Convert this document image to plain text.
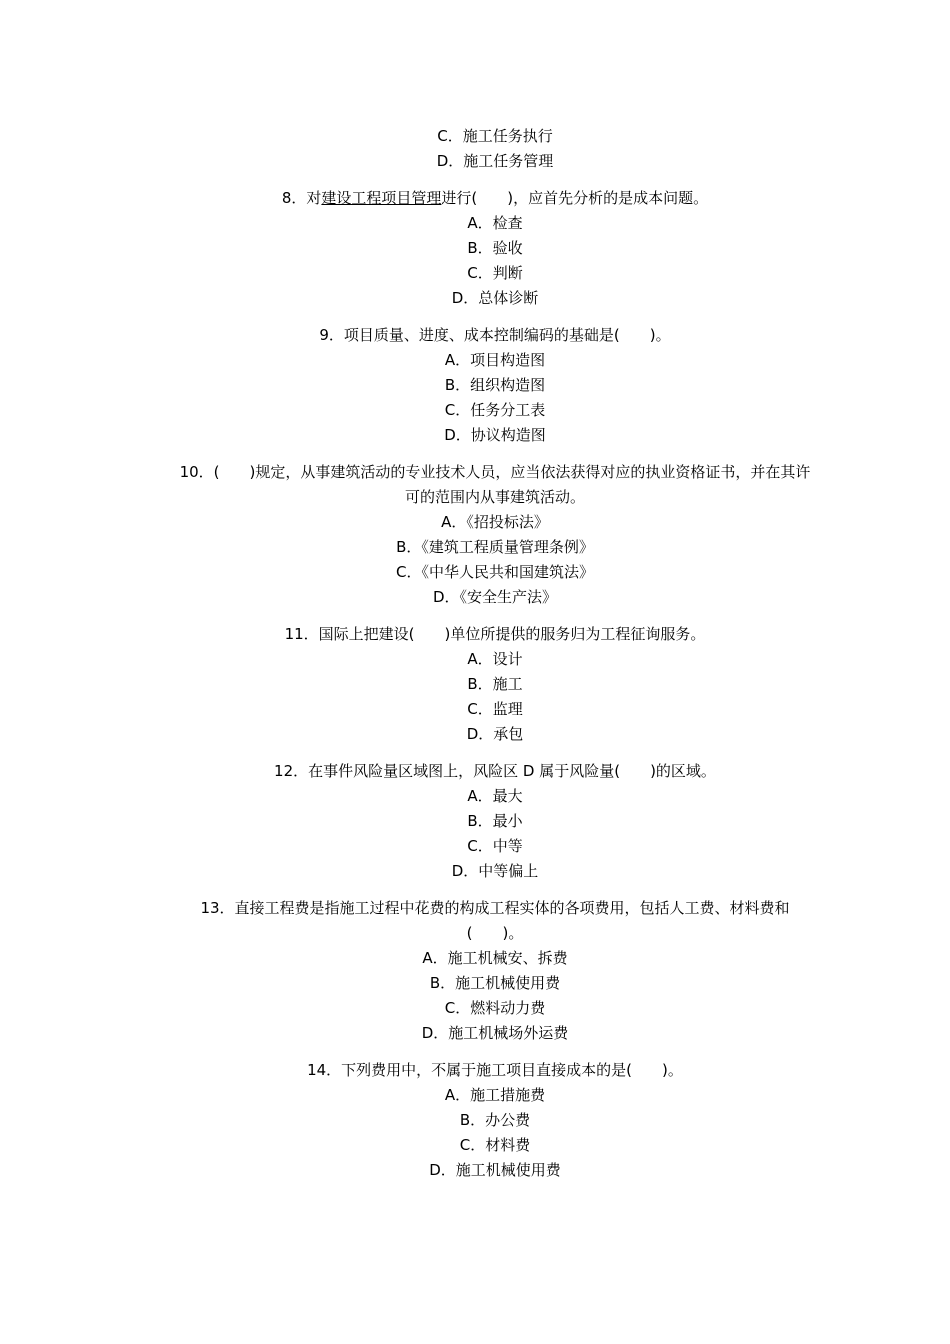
C．施工任务执行
D．施工任务管理
8．对建设工程项目管理进行(　　)，应首先分析的是成本问题。
A．检查
B．验收
C．判断
D．总体诊断
9．项目质量、进度、成本控制编码的基础是(　　)。
A．项目构造图
B．组织构造图
C．任务分工表
D．协议构造图
10．(　　)规定，从事建筑活动的专业技术人员，应当依法获得对应的执业资格证书，并在其许可的范围内从事建筑活动。
A．《招投标法》
B．《建筑工程质量管理条例》
C．《中华人民共和国建筑法》
D．《安全生产法》
11．国际上把建设(　　)单位所提供的服务归为工程征询服务。
A．设计
B．施工
C．监理
D．承包
12．在事件风险量区域图上，风险区 D 属于风险量(　　)的区域。
A．最大
B．最小
C．中等
D．中等偏上
13．直接工程费是指施工过程中花费的构成工程实体的各项费用，包括人工费、材料费和(　　)。
A．施工机械安、拆费
B．施工机械使用费
C．燃料动力费
D．施工机械场外运费
14．下列费用中，不属于施工项目直接成本的是(　　)。
A．施工措施费
B．办公费
C．材料费
D．施工机械使用费
